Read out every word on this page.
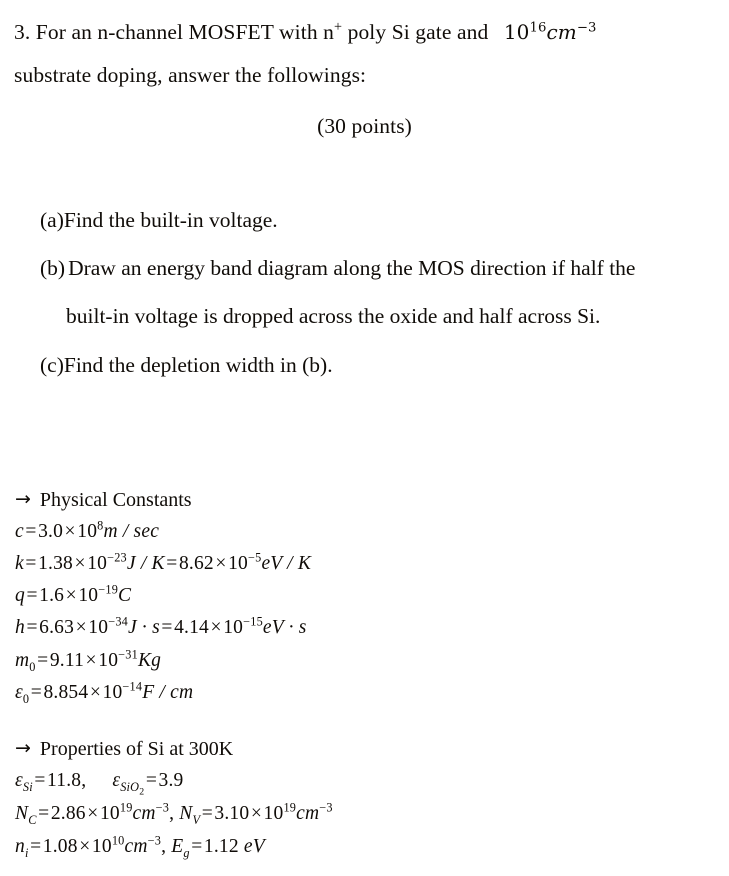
3. For an n-channel MOSFET with n+ poly Si gate and $10^{16}cm^{-3}$
substrate doping, answer the followings:
(30 points)
(a)Find the built-in voltage.
(b) Draw an energy band diagram along the MOS direction if half the
built-in voltage is dropped across the oxide and half across Si.
(c)Find the depletion width in (b).
→ Physical Constants
$c=3.0\times 10^8m / \sec$
$k=1.38\times 10^{-23}J / K=8.62\times 10^{-5}eV / K$
$q=1.6\times 10^{-19}C$
$h=6.63\times 10^{-34}J \cdot s=4.14\times 10^{-15}eV \cdot s$
$m_0=9.11\times 10^{-31}Kg$
$\varepsilon_0=8.854\times 10^{-14}F$ / cm
→ Properties of Si at 300K
$\varepsilon_{Si}=11.8$, $\varepsilon_{SiO_2}=3.9$
$N_C=2.86\times 10^{19}cm^{-3}$, $N_V=3.10\times 10^{19}cm^{-3}$
$n_i=1.08\times 10^{10}cm^{-3}$, $E_g=1.12$ eV
